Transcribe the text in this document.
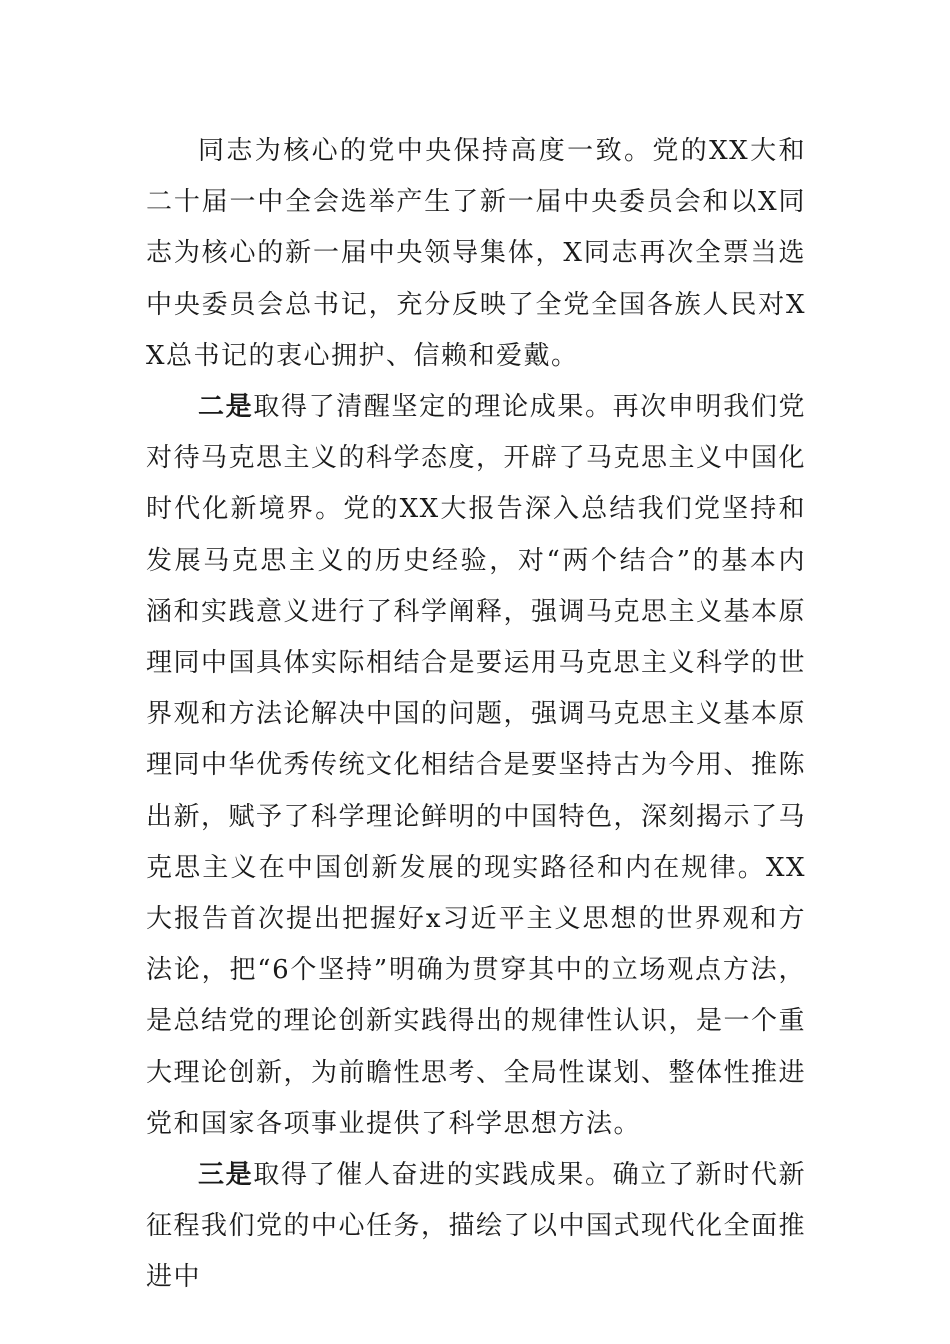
同志为核心的党中央保持高度一致。党的XX大和二十届一中全会选举产生了新一届中央委员会和以X同志为核心的新一届中央领导集体，X同志再次全票当选中央委员会总书记，充分反映了全党全国各族人民对XX总书记的衷心拥护、信赖和爱戴。

二是取得了清醒坚定的理论成果。再次申明我们党对待马克思主义的科学态度，开辟了马克思主义中国化时代化新境界。党的XX大报告深入总结我们党坚持和发展马克思主义的历史经验，对“两个结合”的基本内涵和实践意义进行了科学阐释，强调马克思主义基本原理同中国具体实际相结合是要运用马克思主义科学的世界观和方法论解决中国的问题，强调马克思主义基本原理同中华优秀传统文化相结合是要坚持古为今用、推陈出新，赋予了科学理论鲜明的中国特色，深刻揭示了马克思主义在中国创新发展的现实路径和内在规律。XX大报告首次提出把握好x习近平主义思想的世界观和方法论，把“6个坚持”明确为贯穿其中的立场观点方法，是总结党的理论创新实践得出的规律性认识，是一个重大理论创新，为前瞻性思考、全局性谋划、整体性推进党和国家各项事业提供了科学思想方法。

三是取得了催人奋进的实践成果。确立了新时代新征程我们党的中心任务，描绘了以中国式现代化全面推进中
